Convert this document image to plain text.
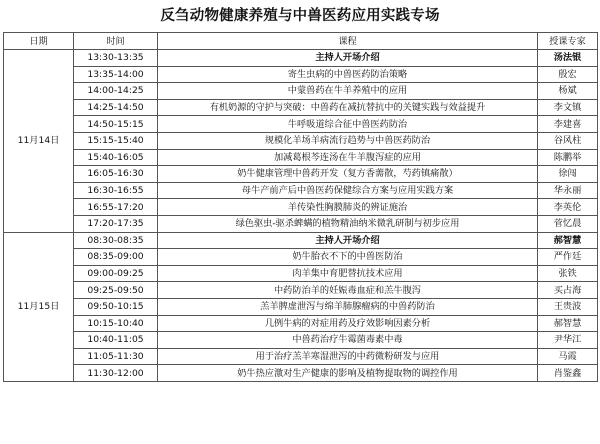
反刍动物健康养殖与中兽医药应用实践专场
日期	时间	课程	授课专家
11月14日	13:30-13:35	主持人开场介绍	汤法银
	13:35-14:00	寄生虫病的中兽医药防治策略	殷宏
	14:00-14:25	中蒙兽药在牛羊养殖中的应用	杨斌
	14:25-14:50	有机奶源的守护与突破：中兽药在减抗替抗中的关键实践与效益提升	李文镇
	14:50-15:15	牛呼吸道综合征中兽医药防治	李建喜
	15:15-15:40	规模化羊场羊病流行趋势与中兽医药防治	谷风柱
	15:40-16:05	加减葛根芩连汤在牛羊腹泻症的应用	陈鹏举
	16:05-16:30	奶牛健康管理中兽药开发（复方香薷散，芍药镇痛散）	徐闯
	16:30-16:55	母牛产前产后中兽医药保健综合方案与应用实践方案	华永丽
	16:55-17:20	羊传染性胸膜肺炎的辨证施治	李英伦
	17:20-17:35	绿色驱虫-驱杀蜱螨的植物精油纳米微乳研制与初步应用	菅忆晨
11月15日	08:30-08:35	主持人开场介绍	郝智慧
	08:35-09:00	奶牛胎衣不下的中兽医防治	严作廷
	09:00-09:25	肉羊集中育肥替抗技术应用	张铁
	09:25-09:50	中药防治羊的妊娠毒血症和羔牛腹泻	买占海
	09:50-10:15	羔羊脾虚泄泻与绵羊肺腺瘤病的中兽药防治	王贵波
	10:15-10:40	几例牛病的对症用药及疗效影响因素分析	郝智慧
	10:40-11:05	中兽药治疗牛霉菌毒素中毒	尹华江
	11:05-11:30	用于治疗羔羊寒湿泄泻的中药微粉研发与应用	马霞
	11:30-12:00	奶牛热应激对生产健康的影响及植物提取物的调控作用	肖鉴鑫
